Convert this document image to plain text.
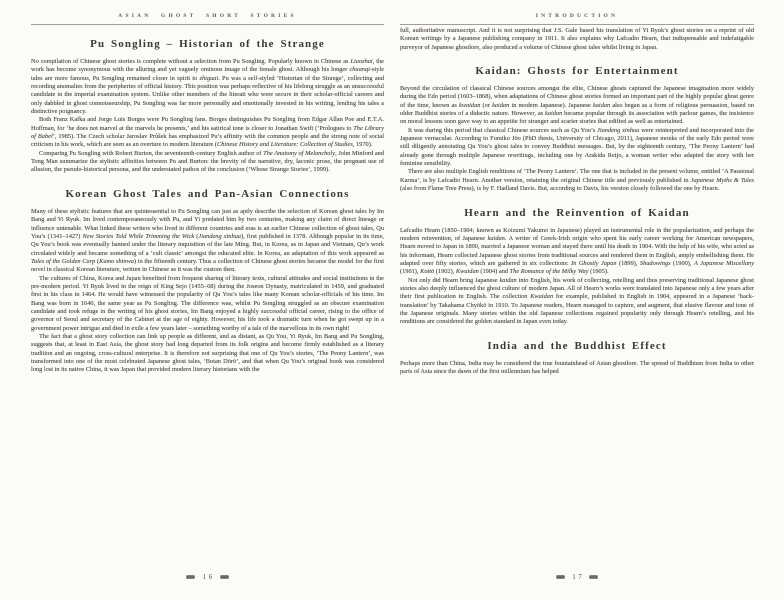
ASIAN GHOST SHORT STORIES
Pu Songling – Historian of the Strange

No compilation of Chinese ghost stories is complete without a selection from Pu Songling. Popularly known in Chinese as Liaozhai, the work has become synonymous with the alluring and yet vaguely ominous image of the female ghost. Although his longer chuanqi-style tales are more famous, Pu Songling remained closer in spirit to zhiguai. Pu was a self-styled ‘Historian of the Strange’, collecting and recording anomalies from the peripheries of official history. This position was perhaps reflective of his lifelong struggle as an unsuccessful candidate in the imperial examination system. Unlike other members of the literati who were secure in their scholar-official careers and only dabbled in ghost connoisseurship, Pu Songling was far more personally and emotionally invested in his writing, lending his tales a distinctive poignancy.

Both Franz Kafka and Jorge Luis Borges were Pu Songling fans. Borges distinguishes Pu Songling from Edgar Allan Poe and E.T.A. Hoffman, for ‘he does not marvel at the marvels he presents,’ and his satirical tone is closer to Jonathan Swift (‘Prologues to The Library of Babel’, 1985). The Czech scholar Jaroslav Průšek has emphasized Pu’s affinity with the common people and the strong note of social criticism in his work, which are seen as an overture to modern literature (Chinese History and Literature: Collection of Studies, 1970).

Comparing Pu Songling with Robert Burton, the seventeenth-century English author of The Anatomy of Melancholy, John Minford and Tong Man summarize the stylistic affinities between Pu and Burton: the brevity of the narrative, dry, laconic prose, the pregnant use of allusion, the pseudo-historical persona, and the understated pathos of the conclusion (‘Whose Strange Stories’, 1999).

Korean Ghost Tales and Pan-Asian Connections

Many of these stylistic features that are quintessential to Pu Songling can just as aptly describe the selection of Korean ghost tales by Im Bang and Yi Ryuk. Im lived contemporaneously with Pu, and Yi predated him by two centuries, making any claim of direct lineage or influence untenable. What linked these writers who lived in different countries and eras is an earlier Chinese collection of ghost tales, Qu You’s (1341–1427) New Stories Told While Trimming the Wick (Jiandeng xinhua), first published in 1378. Although popular in its time, Qu You’s book was eventually banned under the literary inquisition of the late Ming. But, in Korea, as in Japan and Vietnam, Qu’s work circulated widely and became something of a ‘cult classic’ amongst the educated elite. In Korea, an adaptation of this work appeared as Tales of the Golden Carp (Kumo shinwa) in the fifteenth century. Thus a collection of Chinese ghost stories became the model for the first novel in classical Korean literature, written in Chinese as it was the custom then.

The cultures of China, Korea and Japan benefited from frequent sharing of literary texts, cultural attitudes and social institutions in the pre-modern period. Yi Ryuk lived in the reign of King Sejo (1455–68) during the Joseon Dynasty, matriculated in 1459, and graduated first in his class in 1464. He would have witnessed the popularity of Qu You’s tales like many Korean scholar-officials of his time. Im Bang was born in 1640, the same year as Pu Songling. The difference was, whilst Pu Songling struggled as an obscure examination candidate and took refuge in the writing of his ghost stories, Im Bang enjoyed a highly successful official career, rising to the office of governor of Seoul and secretary of the Cabinet at the age of eighty. However, his life took a dramatic turn when he got swept up in a government power intrigue and died in exile a few years later – something worthy of a tale of the marvellous in its own right!

The fact that a ghost story collection can link up people as different, and as distant, as Qu You, Yi Ryuk, Im Bang and Pu Songling, suggests that, at least in East Asia, the ghost story had long departed from its folk origins and become firmly established as a literary tradition and an ongoing, cross-cultural enterprise. It is therefore not surprising that one of Qu You’s stories, ‘The Peony Lantern’, was transformed into one of the most celebrated Japanese ghost tales, ‘Botan Dōrō’, and that when Qu You’s original book was considered long lost in its native China, it was Japan that provided modern literary historians with the

16
INTRODUCTION

full, authoritative manuscript. And it is not surprising that J.S. Gale based his translation of Yi Ryuk’s ghost stories on a reprint of old Korean writings by a Japanese publishing company in 1911. It also explains why Lafcadio Hearn, that indispensable and indefatigable purveyor of Japanese ghostlore, also produced a volume of Chinese ghost tales whilst living in Japan.

Kaidan: Ghosts for Entertainment

Beyond the circulation of classical Chinese sources amongst the elite, Chinese ghosts captured the Japanese imagination more widely during the Edo period (1603–1868), when adaptations of Chinese ghost stories formed an important part of the highly popular ghost genre of the time, known as kwaidan (or kaidan in modern Japanese). Japanese kaidan also began as a form of religious persuasion, based on older Buddhist stories of a didactic nature. However, as kaidan became popular through its association with parlour games, the insistence on moral lessons soon gave way to an appetite for stranger and scarier stories that edified as well as entertained.

It was during this period that classical Chinese sources such as Qu You’s Jiandeng xinhua were reinterpreted and incorporated into the Japanese vernacular. According to Fumiko Jōo (PhD thesis, University of Chicago, 2011), Japanese monks of the early Edo period were still diligently annotating Qu You’s ghost tales to convey Buddhist messages. But, by the eighteenth century, ‘The Peony Lantern’ had already gone through multiple Japanese rewritings, including one by Arakida Reijo, a woman writer who adapted the story with her feminine sensibility.

There are also multiple English renditions of ‘The Peony Lantern’. The one that is included in the present volume, entitled ‘A Passional Karma’, is by Lafcadio Hearn. Another version, retaining the original Chinese title and previously published in Japanese Myths & Tales (also from Flame Tree Press), is by F. Hadland Davis. But, according to Davis, his version closely followed the one by Hearn.

Hearn and the Reinvention of Kaidan

Lafcadio Hearn (1850–1904; known as Koizumi Yakumo in Japanese) played an instrumental role in the popularization, and perhaps the modern reinvention, of Japanese kaidan. A writer of Greek-Irish origin who spent his early career working for American newspapers, Hearn moved to Japan in 1890, married a Japanese woman and stayed there until his death in 1904. With the help of his wife, who acted as his informant, Hearn collected Japanese ghost stories from traditional sources and rendered them in English, amply embellishing them. He adapted over fifty stories, which are gathered in six collections: In Ghostly Japan (1899), Shadowings (1900), A Japanese Miscellany (1901), Kottō (1902), Kwaidan (1904) and The Romance of the Milky Way (1905).

Not only did Hearn bring Japanese kaidan into English, his work of collecting, retelling and thus preserving traditional Japanese ghost stories also deeply influenced the ghost culture of modern Japan. All of Hearn’s works were translated into Japanese only a few years after their first publication in English. The collection Kwaidan for example, published in English in 1904, appeared in a Japanese ‘back-translation’ by Takahama Chyōkō in 1910. To Japanese readers, Hearn managed to capture, and augment, that elusive flavour and tone of the Japanese originals. Many stories within the old Japanese collections regained popularity only through Hearn’s retelling, and his renditions are considered the golden standard in Japan even today.

India and the Buddhist Effect

Perhaps more than China, India may be considered the true fountainhead of Asian ghostlore. The spread of Buddhism from India to other parts of Asia since the dawn of the first millennium has helped

17
